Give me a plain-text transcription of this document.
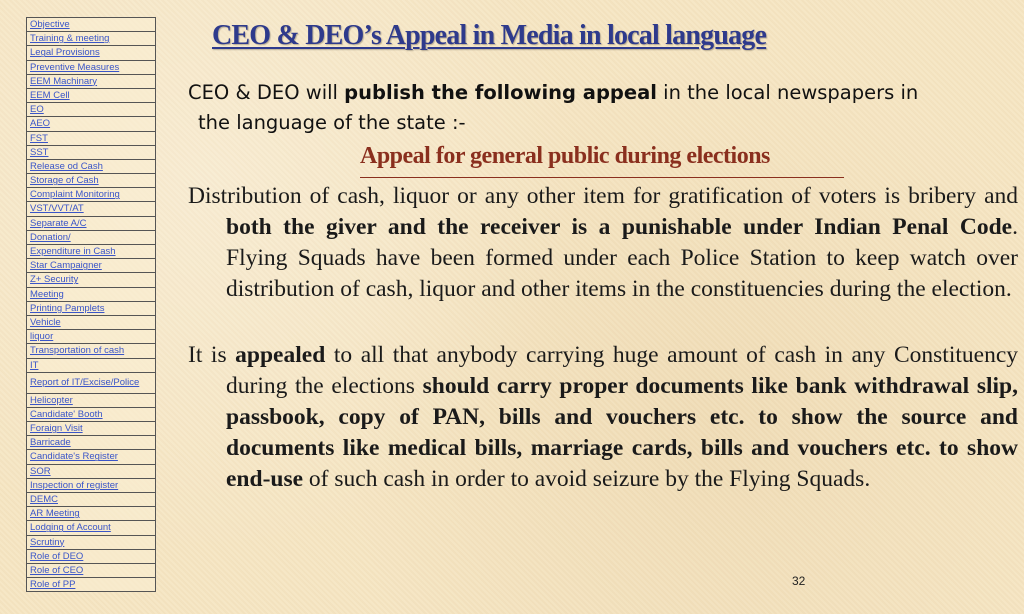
Objective
Training & meeting
Legal Provisions
Preventive Measures
EEM Machinary
EEM Cell
EO
AEO
FST
SST
Release od Cash
Storage of Cash
Complaint Monitoring
VST/VVT/AT
Separate A/C
Donation/
Expenditure in Cash
Star Campaigner
Z+ Security
Meeting
Printing Pamplets
Vehicle
liquor
Transportation of cash
IT
Report of IT/Excise/Police
Helicopter
Candidate' Booth
Foraign Visit
Barricade
Candidate's Register
SOR
Inspection of register
DEMC
AR Meeting
Lodging of Account
Scrutiny
Role of DEO
Role of CEO
Role of PP
CEO & DEO’s Appeal in Media in local language

CEO & DEO will publish the following appeal in the local newspapers in
the language of the state :-

Appeal for general public during elections

Distribution of cash, liquor or any other item for gratification of voters is bribery and both the giver and the receiver is a punishable under Indian Penal Code. Flying Squads have been formed under each Police Station to keep watch over distribution of cash, liquor and other items in the constituencies during the election.

It is appealed to all that anybody carrying huge amount of cash in any Constituency during the elections should carry proper documents like bank withdrawal slip, passbook, copy of PAN, bills and vouchers etc. to show the source and documents like medical bills, marriage cards, bills and vouchers etc. to show end-use of such cash in order to avoid seizure by the Flying Squads.

32
